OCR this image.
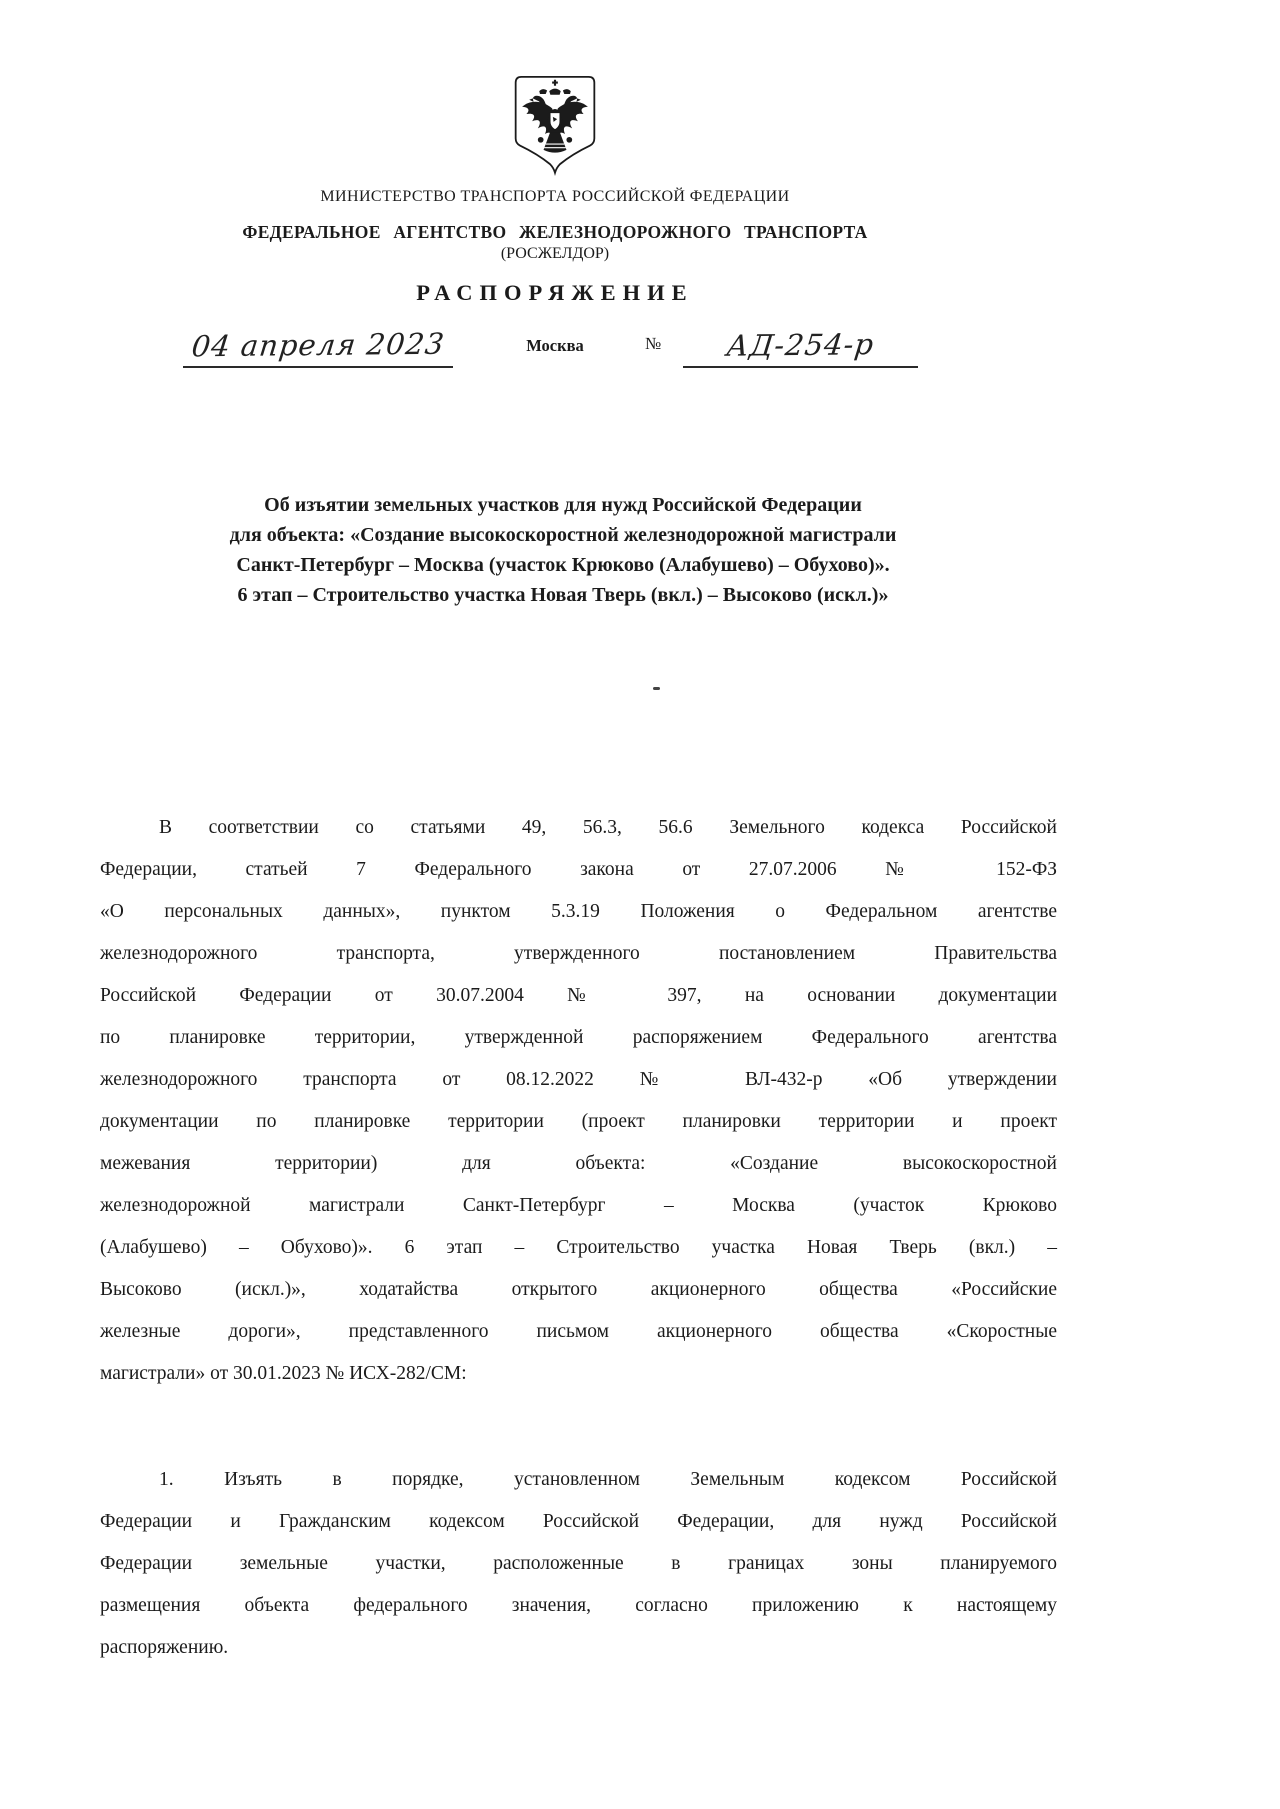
МИНИСТЕРСТВО ТРАНСПОРТА РОССИЙСКОЙ ФЕДЕРАЦИИ
ФЕДЕРАЛЬНОЕ АГЕНТСТВО ЖЕЛЕЗНОДОРОЖНОГО ТРАНСПОРТА
(РОСЖЕЛДОР)
РАСПОРЯЖЕНИЕ
04 апреля 2023	Москва	№	АД-254-р
Об изъятии земельных участков для нужд Российской Федерации
для объекта: «Создание высокоскоростной железнодорожной магистрали
Санкт-Петербург – Москва (участок Крюково (Алабушево) – Обухово)».
6 этап – Строительство участка Новая Тверь (вкл.) – Высоково (искл.)»
В соответствии со статьями 49, 56.3, 56.6 Земельного кодекса Российской
Федерации, статьей 7 Федерального закона от 27.07.2006 № 152-ФЗ
«О персональных данных», пунктом 5.3.19 Положения о Федеральном агентстве
железнодорожного транспорта, утвержденного постановлением Правительства
Российской Федерации от 30.07.2004 № 397, на основании документации
по планировке территории, утвержденной распоряжением Федерального агентства
железнодорожного транспорта от 08.12.2022 № ВЛ-432-р «Об утверждении
документации по планировке территории (проект планировки территории и проект
межевания территории) для объекта: «Создание высокоскоростной
железнодорожной магистрали Санкт-Петербург – Москва (участок Крюково
(Алабушево) – Обухово)». 6 этап – Строительство участка Новая Тверь (вкл.) –
Высоково (искл.)», ходатайства открытого акционерного общества «Российские
железные дороги», представленного письмом акционерного общества «Скоростные
магистрали» от 30.01.2023 № ИСХ-282/СМ:
1. Изъять в порядке, установленном Земельным кодексом Российской
Федерации и Гражданским кодексом Российской Федерации, для нужд Российской
Федерации земельные участки, расположенные в границах зоны планируемого
размещения объекта федерального значения, согласно приложению к настоящему
распоряжению.
